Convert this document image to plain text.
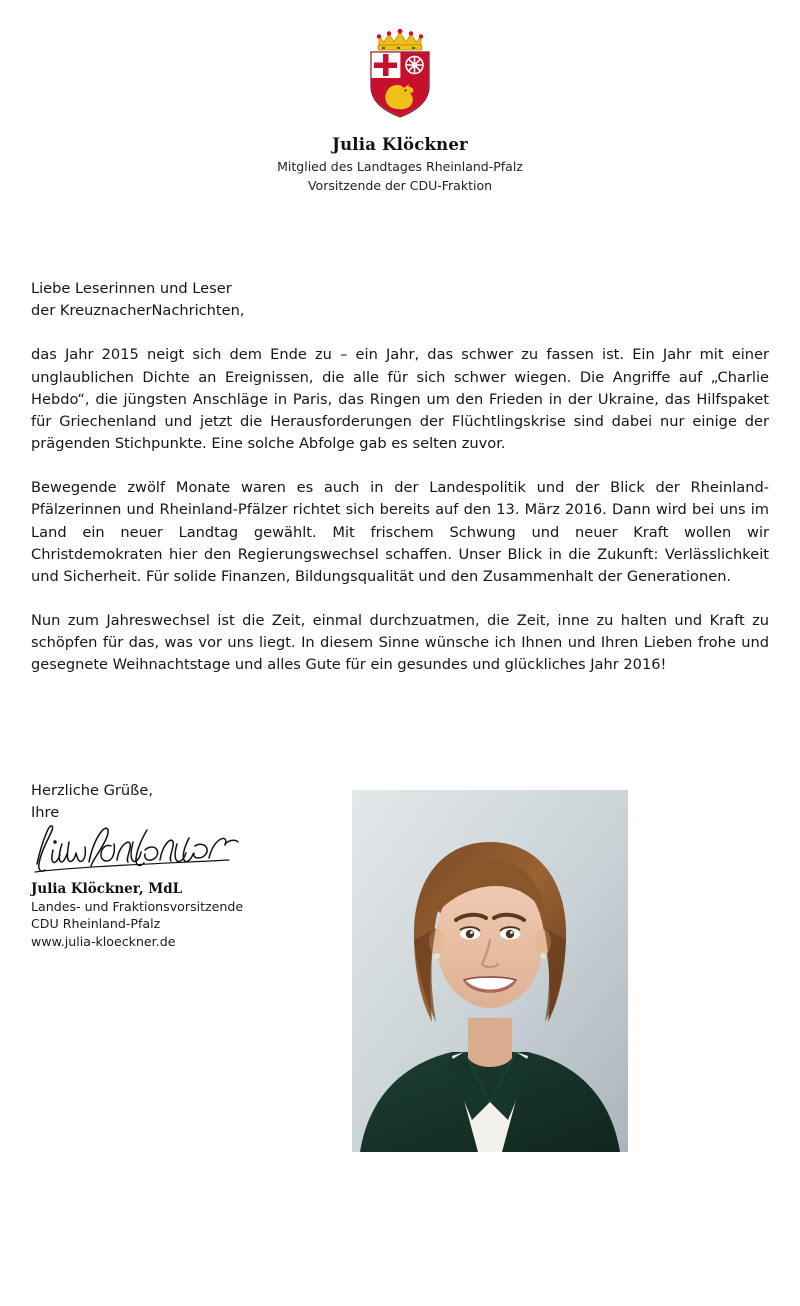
Julia Klöckner
Mitglied des Landtages Rheinland-Pfalz
Vorsitzende der CDU-Fraktion
Liebe Leserinnen und Leser
der KreuznacherNachrichten,

das Jahr 2015 neigt sich dem Ende zu – ein Jahr, das schwer zu fassen ist. Ein Jahr mit einer unglaublichen Dichte an Ereignissen, die alle für sich schwer wiegen. Die Angriffe auf „Charlie Hebdo“, die jüngsten Anschläge in Paris, das Ringen um den Frieden in der Ukraine, das Hilfspaket für Griechenland und jetzt die Herausforderungen der Flüchtlingskrise sind dabei nur einige der prägenden Stichpunkte. Eine solche Abfolge gab es selten zuvor.

Bewegende zwölf Monate waren es auch in der Landespolitik und der Blick der Rheinland-Pfälzerinnen und Rheinland-Pfälzer richtet sich bereits auf den 13. März 2016. Dann wird bei uns im Land ein neuer Landtag gewählt. Mit frischem Schwung und neuer Kraft wollen wir Christdemokraten hier den Regierungswechsel schaffen. Unser Blick in die Zukunft: Verlässlichkeit und Sicherheit. Für solide Finanzen, Bildungsqualität und den Zusammenhalt der Generationen.

Nun zum Jahreswechsel ist die Zeit, einmal durchzuatmen, die Zeit, inne zu halten und Kraft zu schöpfen für das, was vor uns liegt. In diesem Sinne wünsche ich Ihnen und Ihren Lieben frohe und gesegnete Weihnachtstage und alles Gute für ein gesundes und glückliches Jahr 2016!

Herzliche Grüße,
Ihre
Julia Klöckner, MdL
Landes- und Fraktionsvorsitzende
CDU Rheinland-Pfalz
www.julia-kloeckner.de
